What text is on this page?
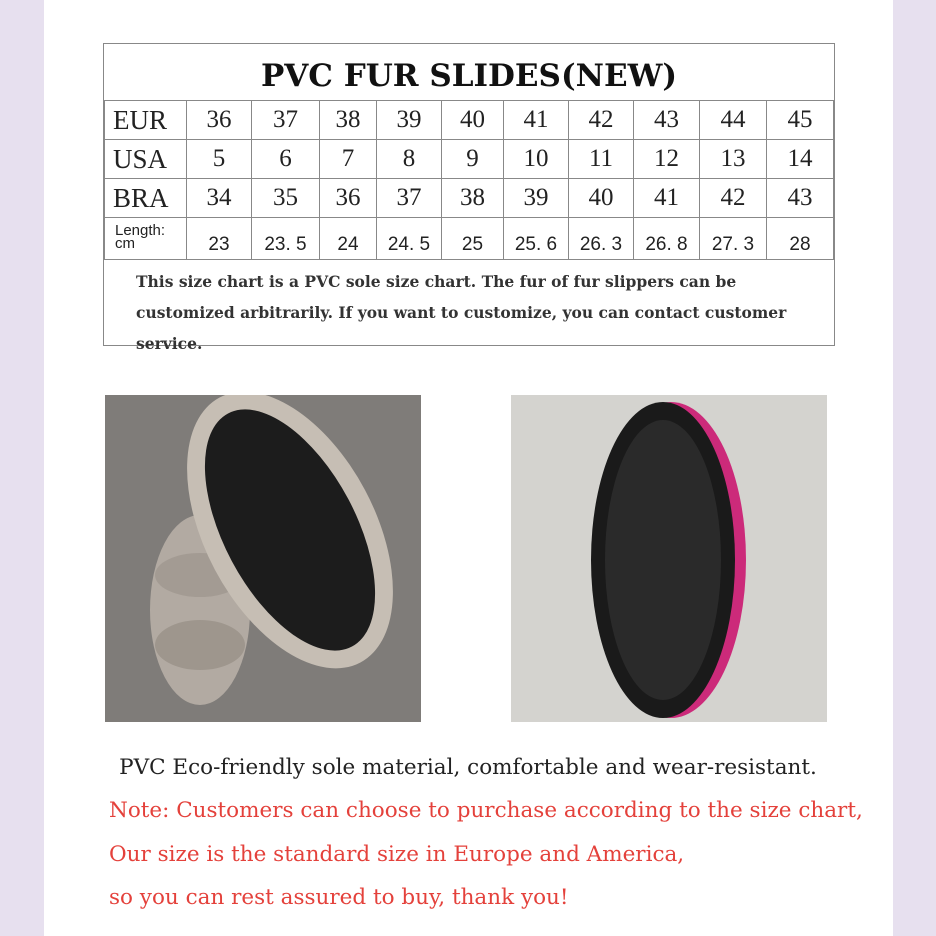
PVC FUR SLIDES(NEW)
EUR	36	37	38	39	40	41	42	43	44	45
USA	5	6	7	8	9	10	11	12	13	14
BRA	34	35	36	37	38	39	40	41	42	43
Length: cm	23	23. 5	24	24. 5	25	25. 6	26. 3	26. 8	27. 3	28
This size chart is a PVC sole size chart. The fur of fur slippers can be customized arbitrarily. If you want to customize, you can contact customer service.
PVC Eco-friendly sole material, comfortable and wear-resistant.
Note: Customers can choose to purchase according to the size chart,
Our size is the standard size in Europe and America,
so you can rest assured to buy, thank you!
